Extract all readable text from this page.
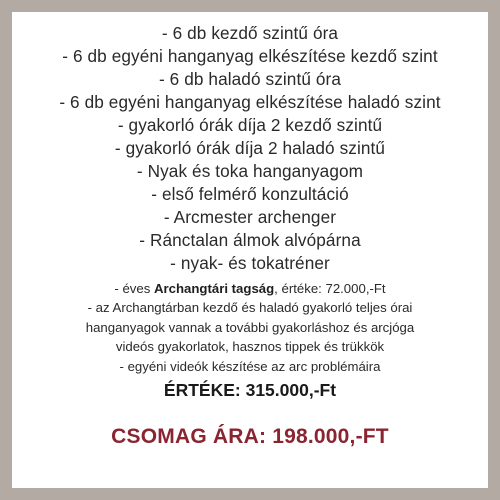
- 6 db kezdő szintű óra
- 6 db egyéni hanganyag elkészítése kezdő szint
- 6 db haladó szintű óra
- 6 db egyéni hanganyag elkészítése haladó szint
- gyakorló órák díja 2 kezdő szintű
- gyakorló órák díja 2 haladó szintű
- Nyak és toka hanganyagom
- első felmérő konzultáció
- Arcmester archenger
- Ránctalan álmok alvópárna
- nyak- és tokatréner
- éves Archangtári tagság, értéke: 72.000,-Ft
- az Archangtárban kezdő és haladó gyakorló teljes órai
hanganyagok vannak a további gyakorláshoz és arcjóga
videós gyakorlatok, hasznos tippek és trükkök
- egyéni videók készítése az arc problémáira
ÉRTÉKE: 315.000,-Ft
CSOMAG ÁRA: 198.000,-FT
